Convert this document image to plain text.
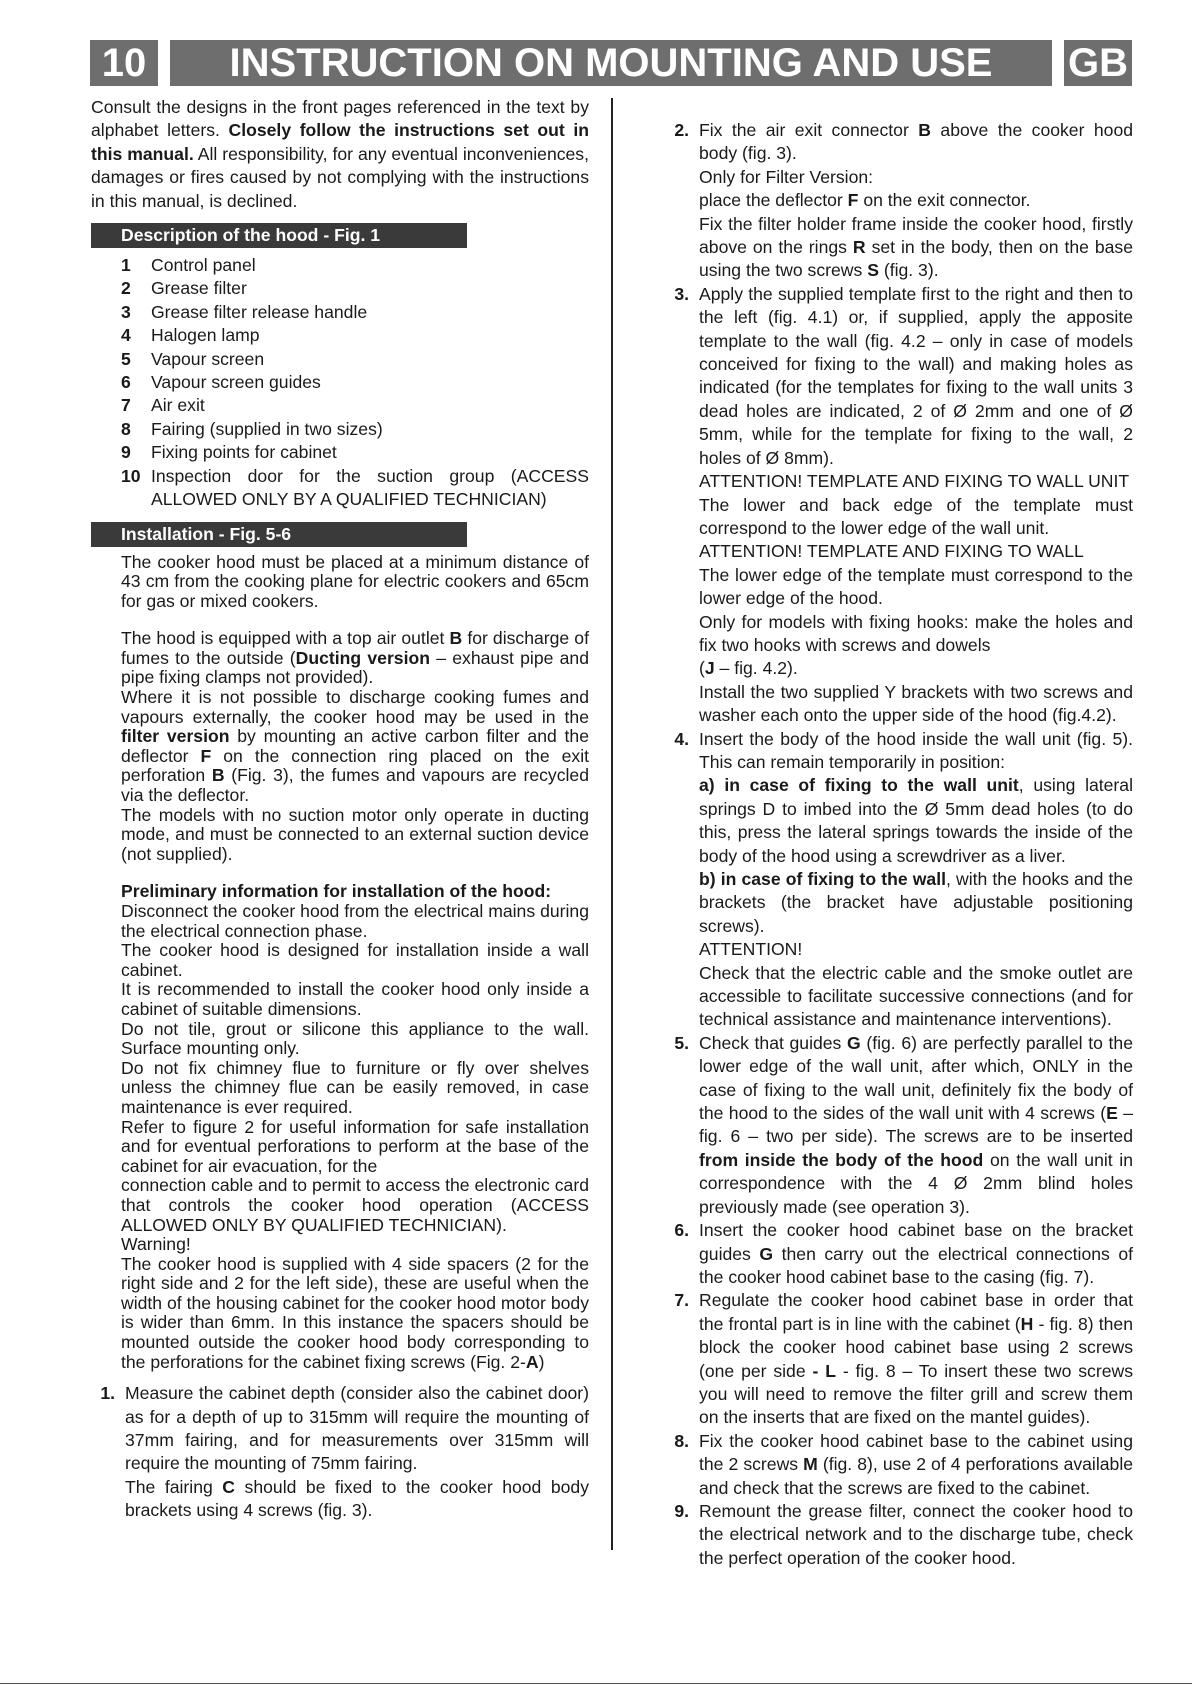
10	INSTRUCTION ON MOUNTING AND USE	GB

Consult the designs in the front pages referenced in the text by alphabet letters. Closely follow the instructions set out in this manual. All responsibility, for any eventual inconveniences, damages or fires caused by not complying with the instructions in this manual, is declined.

Description of the hood - Fig. 1
1	Control panel
2	Grease filter
3	Grease filter release handle
4	Halogen lamp
5	Vapour screen
6	Vapour screen guides
7	Air exit
8	Fairing (supplied in two sizes)
9	Fixing points for cabinet
10 Inspection door for the suction group (ACCESS ALLOWED ONLY BY A QUALIFIED TECHNICIAN)
Installation - Fig. 5-6

The cooker hood must be placed at a minimum distance of 43 cm from the cooking plane for electric cookers and 65cm for gas or mixed cookers.

The hood is equipped with a top air outlet B for discharge of fumes to the outside (Ducting version – exhaust pipe and pipe fixing clamps not provided).

Where it is not possible to discharge cooking fumes and vapours externally, the cooker hood may be used in the filter version by mounting an active carbon filter and the deflector F on the connection ring placed on the exit perforation B (Fig. 3), the fumes and vapours are recycled via the deflector.

The models with no suction motor only operate in ducting mode, and must be connected to an external suction device (not supplied).

Preliminary information for installation of the hood:

Disconnect the cooker hood from the electrical mains during the electrical connection phase.

The cooker hood is designed for installation inside a wall cabinet.

It is recommended to install the cooker hood only inside a cabinet of suitable dimensions.

Do not tile, grout or silicone this appliance to the wall. Surface mounting only.

Do not fix chimney flue to furniture or fly over shelves unless the chimney flue can be easily removed, in case maintenance is ever required.

Refer to figure 2 for useful information for safe installation and for eventual perforations to perform at the base of the cabinet for air evacuation, for the

connection cable and to permit to access the electronic card that controls the cooker hood operation (ACCESS ALLOWED ONLY BY QUALIFIED TECHNICIAN).

Warning!

The cooker hood is supplied with 4 side spacers (2 for the right side and 2 for the left side), these are useful when the width of the housing cabinet for the cooker hood motor body is wider than 6mm. In this instance the spacers should be mounted outside the cooker hood body corresponding to the perforations for the cabinet fixing screws (Fig. 2-A)

1. Measure the cabinet depth (consider also the cabinet door) as for a depth of up to 315mm will require the mounting of 37mm fairing, and for measurements over 315mm will require the mounting of 75mm fairing.

The fairing C should be fixed to the cooker hood body brackets using 4 screws (fig. 3).

2. Fix the air exit connector B above the cooker hood body (fig. 3).

Only for Filter Version:

place the deflector F on the exit connector.

Fix the filter holder frame inside the cooker hood, firstly above on the rings R set in the body, then on the base using the two screws S (fig. 3).

3. Apply the supplied template first to the right and then to the left (fig. 4.1) or, if supplied, apply the apposite template to the wall (fig. 4.2 – only in case of models conceived for fixing to the wall) and making holes as indicated (for the templates for fixing to the wall units 3 dead holes are indicated, 2 of Ø 2mm and one of Ø 5mm, while for the template for fixing to the wall, 2 holes of Ø 8mm).

ATTENTION! TEMPLATE AND FIXING TO WALL UNIT

The lower and back edge of the template must correspond to the lower edge of the wall unit.

ATTENTION! TEMPLATE AND FIXING TO WALL

The lower edge of the template must correspond to the lower edge of the hood.

Only for models with fixing hooks: make the holes and fix two hooks with screws and dowels

(J – fig. 4.2).

Install the two supplied Y brackets with two screws and washer each onto the upper side of the hood (fig.4.2).

4. Insert the body of the hood inside the wall unit (fig. 5). This can remain temporarily in position:

a) in case of fixing to the wall unit, using lateral springs D to imbed into the Ø 5mm dead holes (to do this, press the lateral springs towards the inside of the body of the hood using a screwdriver as a liver.

b) in case of fixing to the wall, with the hooks and the brackets (the bracket have adjustable positioning screws).

ATTENTION!

Check that the electric cable and the smoke outlet are accessible to facilitate successive connections (and for technical assistance and maintenance interventions).

5. Check that guides G (fig. 6) are perfectly parallel to the lower edge of the wall unit, after which, ONLY in the case of fixing to the wall unit, definitely fix the body of the hood to the sides of the wall unit with 4 screws (E – fig. 6 – two per side). The screws are to be inserted from inside the body of the hood on the wall unit in correspondence with the 4 Ø 2mm blind holes previously made (see operation 3).

6. Insert the cooker hood cabinet base on the bracket guides G then carry out the electrical connections of the cooker hood cabinet base to the casing (fig. 7).

7. Regulate the cooker hood cabinet base in order that the frontal part is in line with the cabinet (H - fig. 8) then block the cooker hood cabinet base using 2 screws (one per side - L - fig. 8 – To insert these two screws you will need to remove the filter grill and screw them on the inserts that are fixed on the mantel guides).

8. Fix the cooker hood cabinet base to the cabinet using the 2 screws M (fig. 8), use 2 of 4 perforations available and check that the screws are fixed to the cabinet.

9. Remount the grease filter, connect the cooker hood to the electrical network and to the discharge tube, check the perfect operation of the cooker hood.
